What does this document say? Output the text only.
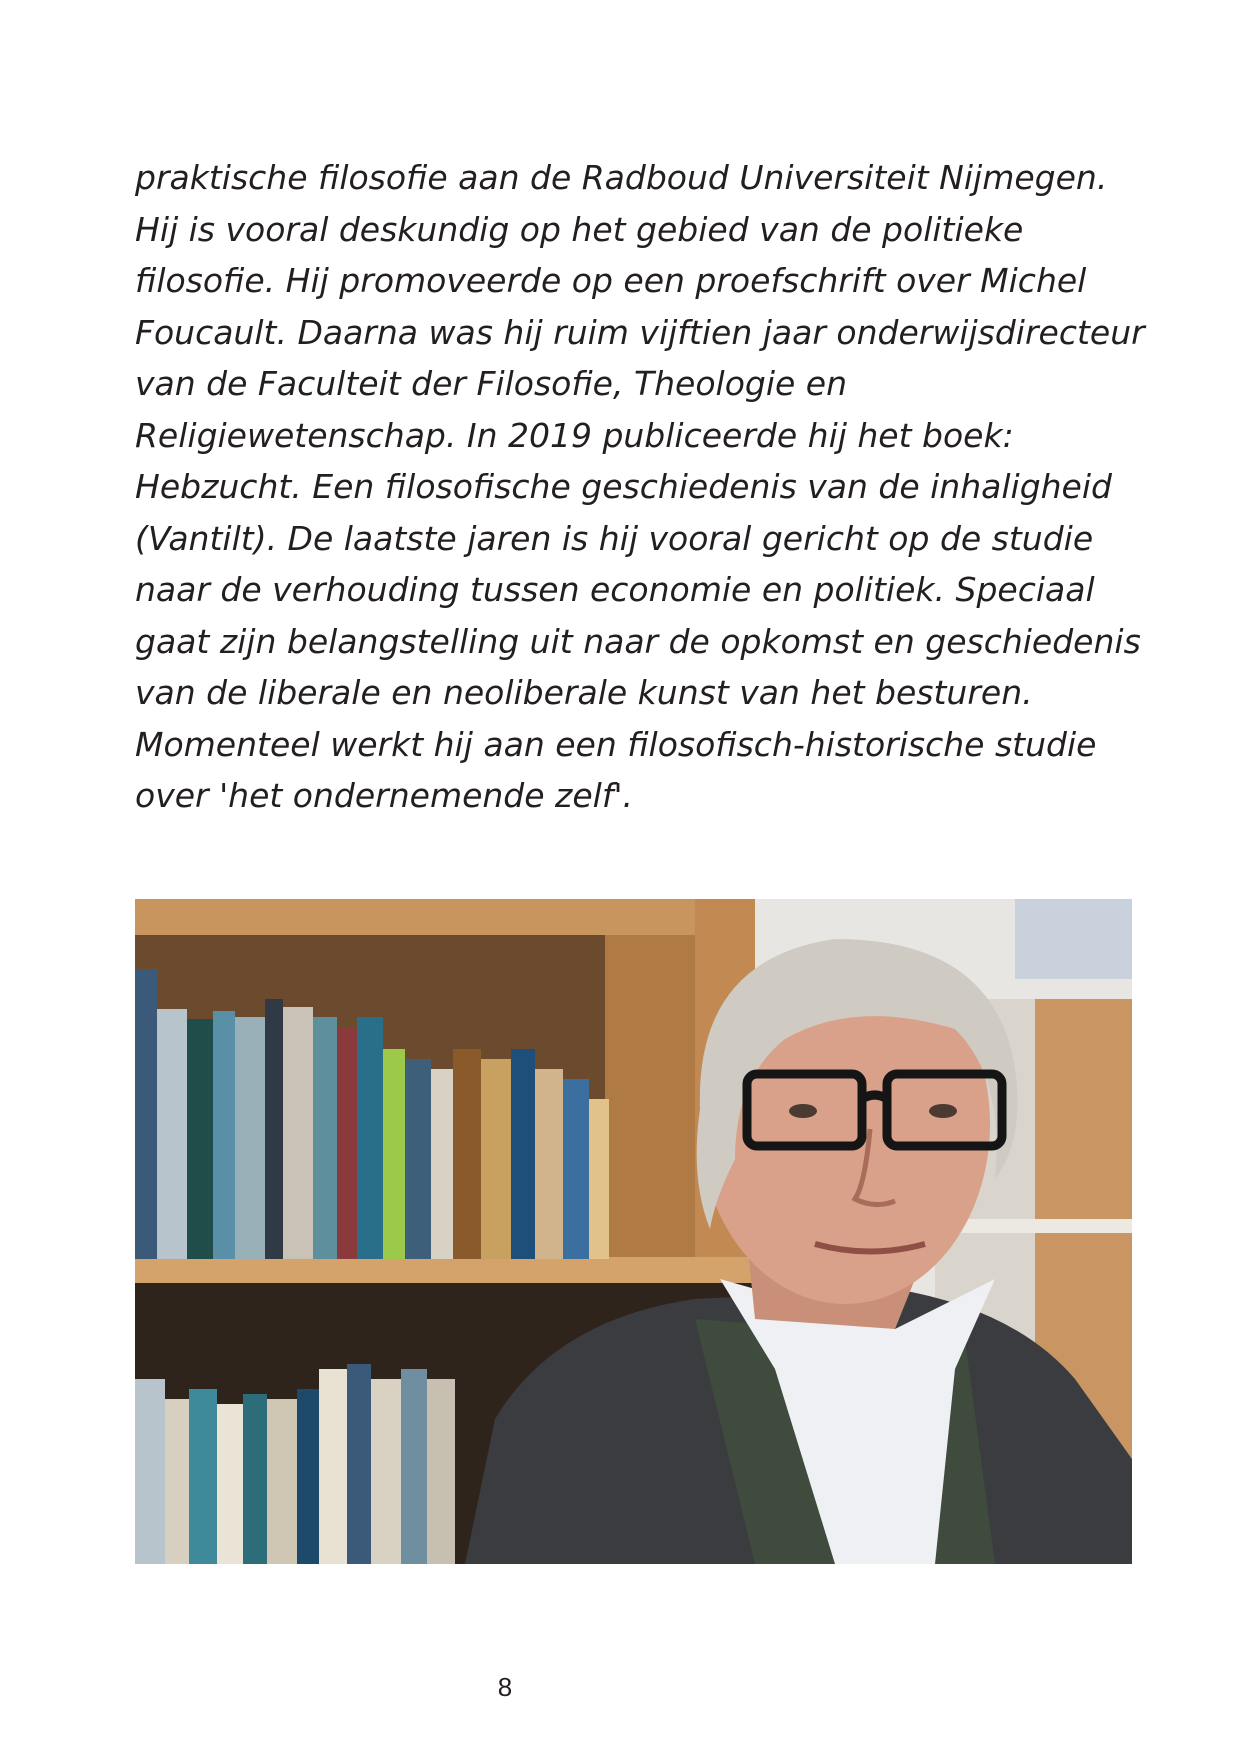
praktische filosofie aan de Radboud Universiteit Nijmegen.
Hij is vooral deskundig op het gebied van de politieke
filosofie. Hij promoveerde op een proefschrift over Michel
Foucault. Daarna was hij ruim vijftien jaar onderwijsdirecteur
van de Faculteit der Filosofie, Theologie en
Religiewetenschap. In 2019 publiceerde hij het boek:
Hebzucht. Een filosofische geschiedenis van de inhaligheid
(Vantilt). De laatste jaren is hij vooral gericht op de studie
naar de verhouding tussen economie en politiek. Speciaal
gaat zijn belangstelling uit naar de opkomst en geschiedenis
van de liberale en neoliberale kunst van het besturen.
Momenteel werkt hij aan een filosofisch-historische studie
over 'het ondernemende zelf'.
8
